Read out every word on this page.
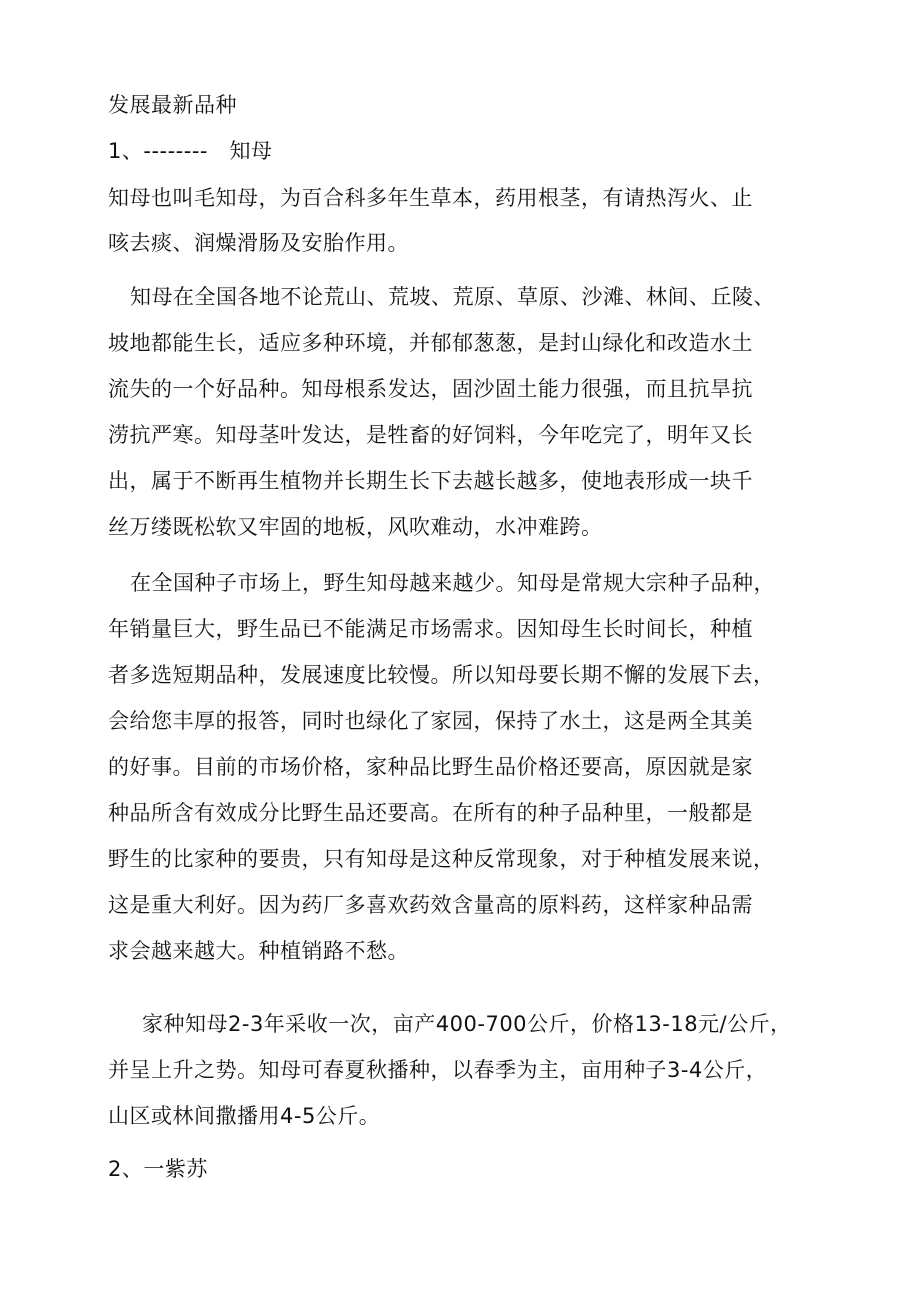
发展最新品种
1、--------   知母
知母也叫毛知母，为百合科多年生草本，药用根茎，有请热泻火、止
咳去痰、润燥滑肠及安胎作用。
知母在全国各地不论荒山、荒坡、荒原、草原、沙滩、林间、丘陵、
坡地都能生长，适应多种环境，并郁郁葱葱，是封山绿化和改造水土
流失的一个好品种。知母根系发达，固沙固土能力很强，而且抗旱抗
涝抗严寒。知母茎叶发达，是牲畜的好饲料，今年吃完了，明年又长
出，属于不断再生植物并长期生长下去越长越多，使地表形成一块千
丝万缕既松软又牢固的地板，风吹难动，水冲难跨。
在全国种子市场上，野生知母越来越少。知母是常规大宗种子品种，
年销量巨大，野生品已不能满足市场需求。因知母生长时间长，种植
者多选短期品种，发展速度比较慢。所以知母要长期不懈的发展下去，
会给您丰厚的报答，同时也绿化了家园，保持了水土，这是两全其美
的好事。目前的市场价格，家种品比野生品价格还要高，原因就是家
种品所含有效成分比野生品还要高。在所有的种子品种里，一般都是
野生的比家种的要贵，只有知母是这种反常现象，对于种植发展来说，
这是重大利好。因为药厂多喜欢药效含量高的原料药，这样家种品需
求会越来越大。种植销路不愁。
家种知母2-3年采收一次，亩产400-700公斤，价格13-18元/公斤，
并呈上升之势。知母可春夏秋播种，以春季为主，亩用种子3-4公斤，
山区或林间撒播用4-5公斤。
2、一紫苏
